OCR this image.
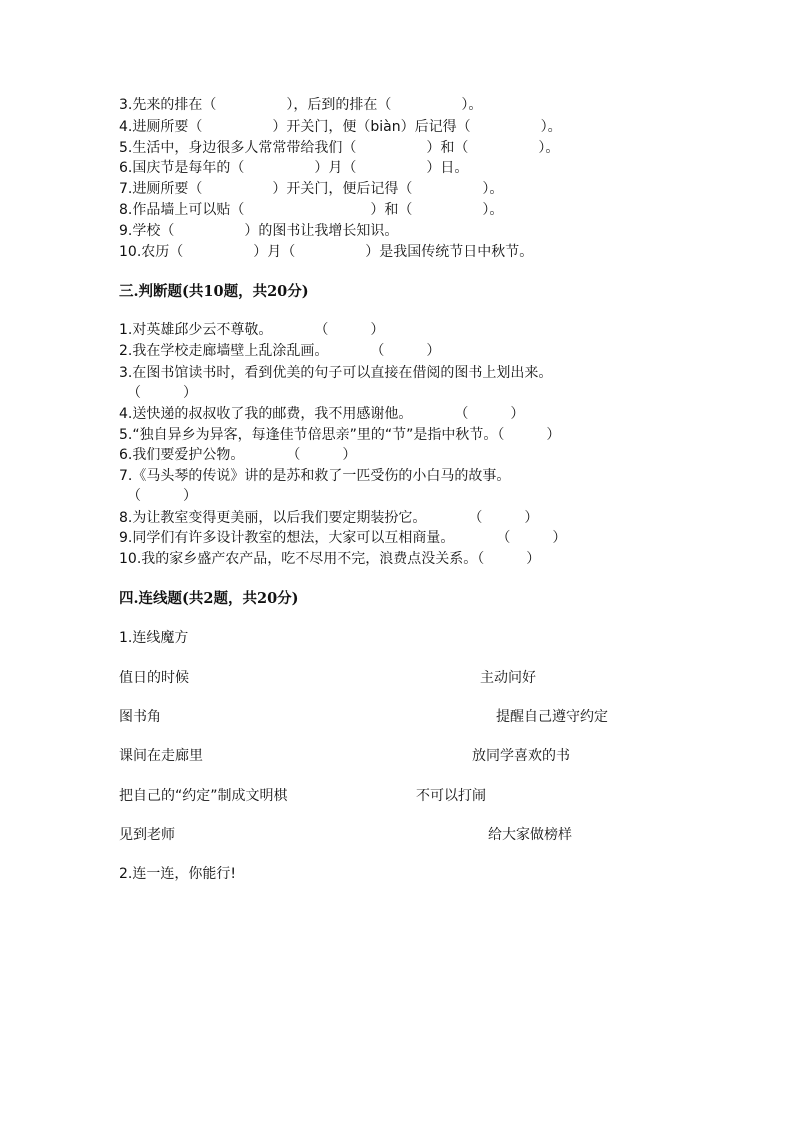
3.先来的排在（　　　　　），后到的排在（　　　　　）。
4.进厕所要（　　　　　）开关门，便（biàn）后记得（　　　　　）。
5.生活中，身边很多人常常带给我们（　　　　　）和（　　　　　）。
6.国庆节是每年的（　　　　　）月（　　　　　）日。
7.进厕所要（　　　　　）开关门，便后记得（　　　　　）。
8.作品墙上可以贴（　　　　　　　　　）和（　　　　　）。
9.学校（　　　　　）的图书让我增长知识。
10.农历（　　　　　）月（　　　　　）是我国传统节日中秋节。
三.判断题(共10题，共20分)
1.对英雄邱少云不尊敬。　　　　（　　　）
2.我在学校走廊墙壁上乱涂乱画。　　　　（　　　）
3.在图书馆读书时，看到优美的句子可以直接在借阅的图书上划出来。
（　　　）
4.送快递的叔叔收了我的邮费，我不用感谢他。　　　　（　　　）
5.“独自异乡为异客，每逢佳节倍思亲”里的“节”是指中秋节。（　　　）
6.我们要爱护公物。　　　　（　　　）
7.《马头琴的传说》讲的是苏和救了一匹受伤的小白马的故事。
（　　　）
8.为让教室变得更美丽，以后我们要定期装扮它。　　　　（　　　）
9.同学们有许多设计教室的想法，大家可以互相商量。　　　　（　　　）
10.我的家乡盛产农产品，吃不尽用不完，浪费点没关系。（　　　）
四.连线题(共2题，共20分)
1.连线魔方
值日的时候	主动问好
图书角	提醒自己遵守约定
课间在走廊里	放同学喜欢的书
把自己的“约定”制成文明棋	不可以打闹
见到老师	给大家做榜样
2.连一连，你能行!
